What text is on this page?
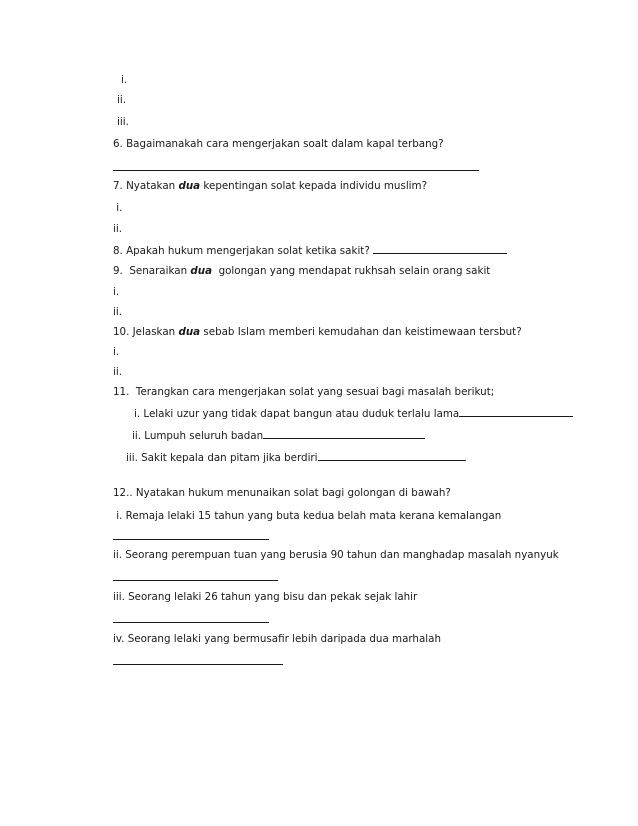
i.
ii.
iii.
6. Bagaimanakah cara mengerjakan soalt dalam kapal terbang?
7. Nyatakan dua kepentingan solat kepada individu muslim?
i.
ii.
8. Apakah hukum mengerjakan solat ketika sakit?
9.  Senaraikan dua  golongan yang mendapat rukhsah selain orang sakit
i.
ii.
10. Jelaskan dua sebab Islam memberi kemudahan dan keistimewaan tersbut?
i.
ii.
11.  Terangkan cara mengerjakan solat yang sesuai bagi masalah berikut;
i. Lelaki uzur yang tidak dapat bangun atau duduk terlalu lama
ii. Lumpuh seluruh badan
iii. Sakit kepala dan pitam jika berdiri
12.. Nyatakan hukum menunaikan solat bagi golongan di bawah?
i. Remaja lelaki 15 tahun yang buta kedua belah mata kerana kemalangan
ii. Seorang perempuan tuan yang berusia 90 tahun dan manghadap masalah nyanyuk
iii. Seorang lelaki 26 tahun yang bisu dan pekak sejak lahir
iv. Seorang lelaki yang bermusafir lebih daripada dua marhalah
